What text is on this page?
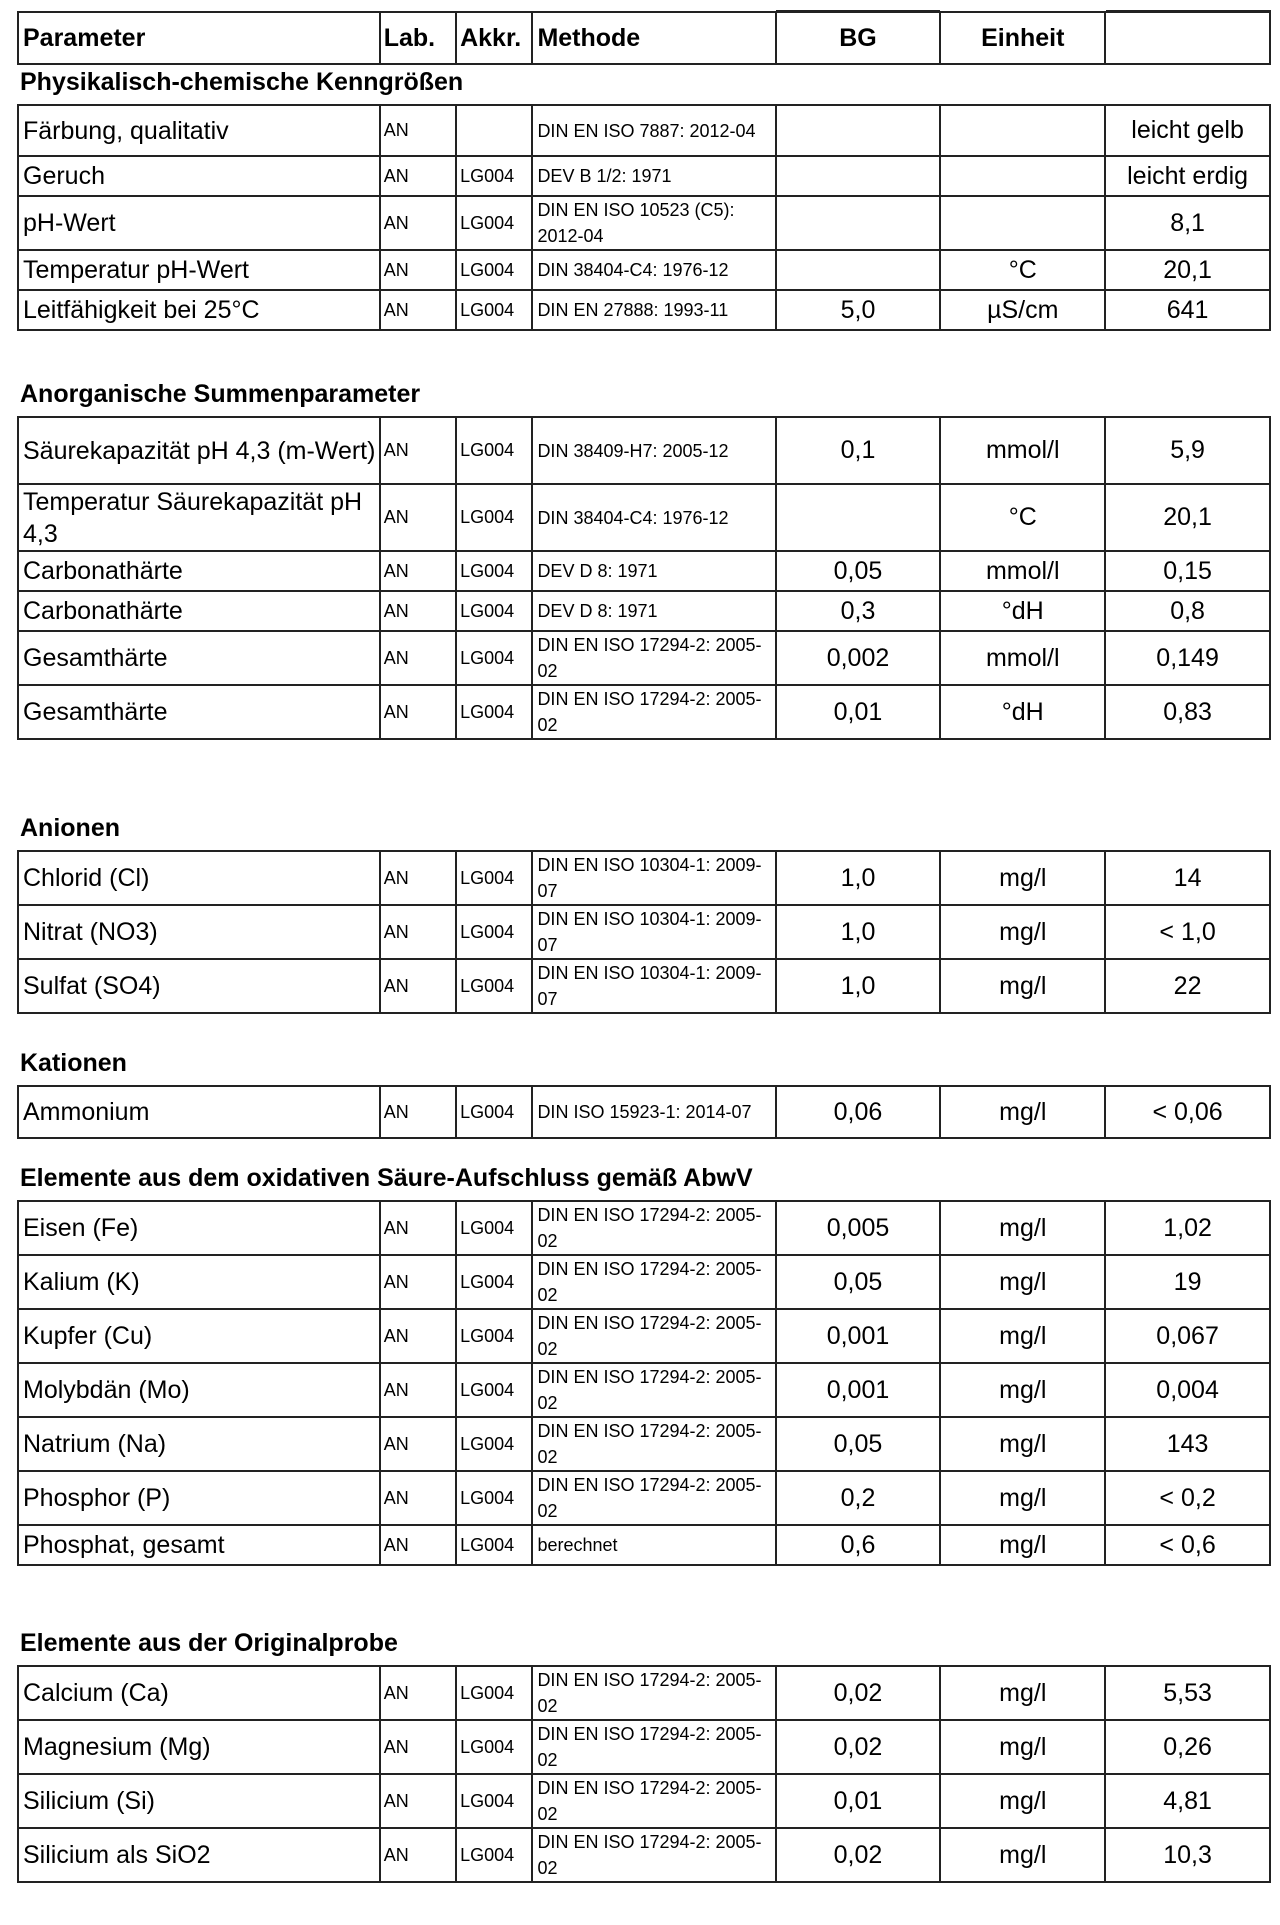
Parameter	Lab.	Akkr.	Methode	BG	Einheit	
Physikalisch-chemische Kenngrößen
Färbung, qualitativ	AN		DIN EN ISO 7887: 2012-04			leicht gelb
Geruch	AN	LG004	DEV B 1/2: 1971			leicht erdig
pH-Wert	AN	LG004	DIN EN ISO 10523 (C5): 2012-04			8,1
Temperatur pH-Wert	AN	LG004	DIN 38404-C4: 1976-12		°C	20,1
Leitfähigkeit bei 25°C	AN	LG004	DIN EN 27888: 1993-11	5,0	µS/cm	641
Anorganische Summenparameter
Säurekapazität pH 4,3 (m-Wert)	AN	LG004	DIN 38409-H7: 2005-12	0,1	mmol/l	5,9
Temperatur Säurekapazität pH 4,3	AN	LG004	DIN 38404-C4: 1976-12		°C	20,1
Carbonathärte	AN	LG004	DEV D 8: 1971	0,05	mmol/l	0,15
Carbonathärte	AN	LG004	DEV D 8: 1971	0,3	°dH	0,8
Gesamthärte	AN	LG004	DIN EN ISO 17294-2: 2005-02	0,002	mmol/l	0,149
Gesamthärte	AN	LG004	DIN EN ISO 17294-2: 2005-02	0,01	°dH	0,83
Anionen
Chlorid (Cl)	AN	LG004	DIN EN ISO 10304-1: 2009-07	1,0	mg/l	14
Nitrat (NO3)	AN	LG004	DIN EN ISO 10304-1: 2009-07	1,0	mg/l	< 1,0
Sulfat (SO4)	AN	LG004	DIN EN ISO 10304-1: 2009-07	1,0	mg/l	22
Kationen
Ammonium	AN	LG004	DIN ISO 15923-1: 2014-07	0,06	mg/l	< 0,06
Elemente aus dem oxidativen Säure-Aufschluss gemäß AbwV
Eisen (Fe)	AN	LG004	DIN EN ISO 17294-2: 2005-02	0,005	mg/l	1,02
Kalium (K)	AN	LG004	DIN EN ISO 17294-2: 2005-02	0,05	mg/l	19
Kupfer (Cu)	AN	LG004	DIN EN ISO 17294-2: 2005-02	0,001	mg/l	0,067
Molybdän (Mo)	AN	LG004	DIN EN ISO 17294-2: 2005-02	0,001	mg/l	0,004
Natrium (Na)	AN	LG004	DIN EN ISO 17294-2: 2005-02	0,05	mg/l	143
Phosphor (P)	AN	LG004	DIN EN ISO 17294-2: 2005-02	0,2	mg/l	< 0,2
Phosphat, gesamt	AN	LG004	berechnet	0,6	mg/l	< 0,6
Elemente aus der Originalprobe
Calcium (Ca)	AN	LG004	DIN EN ISO 17294-2: 2005-02	0,02	mg/l	5,53
Magnesium (Mg)	AN	LG004	DIN EN ISO 17294-2: 2005-02	0,02	mg/l	0,26
Silicium (Si)	AN	LG004	DIN EN ISO 17294-2: 2005-02	0,01	mg/l	4,81
Silicium als SiO2	AN	LG004	DIN EN ISO 17294-2: 2005-02	0,02	mg/l	10,3
